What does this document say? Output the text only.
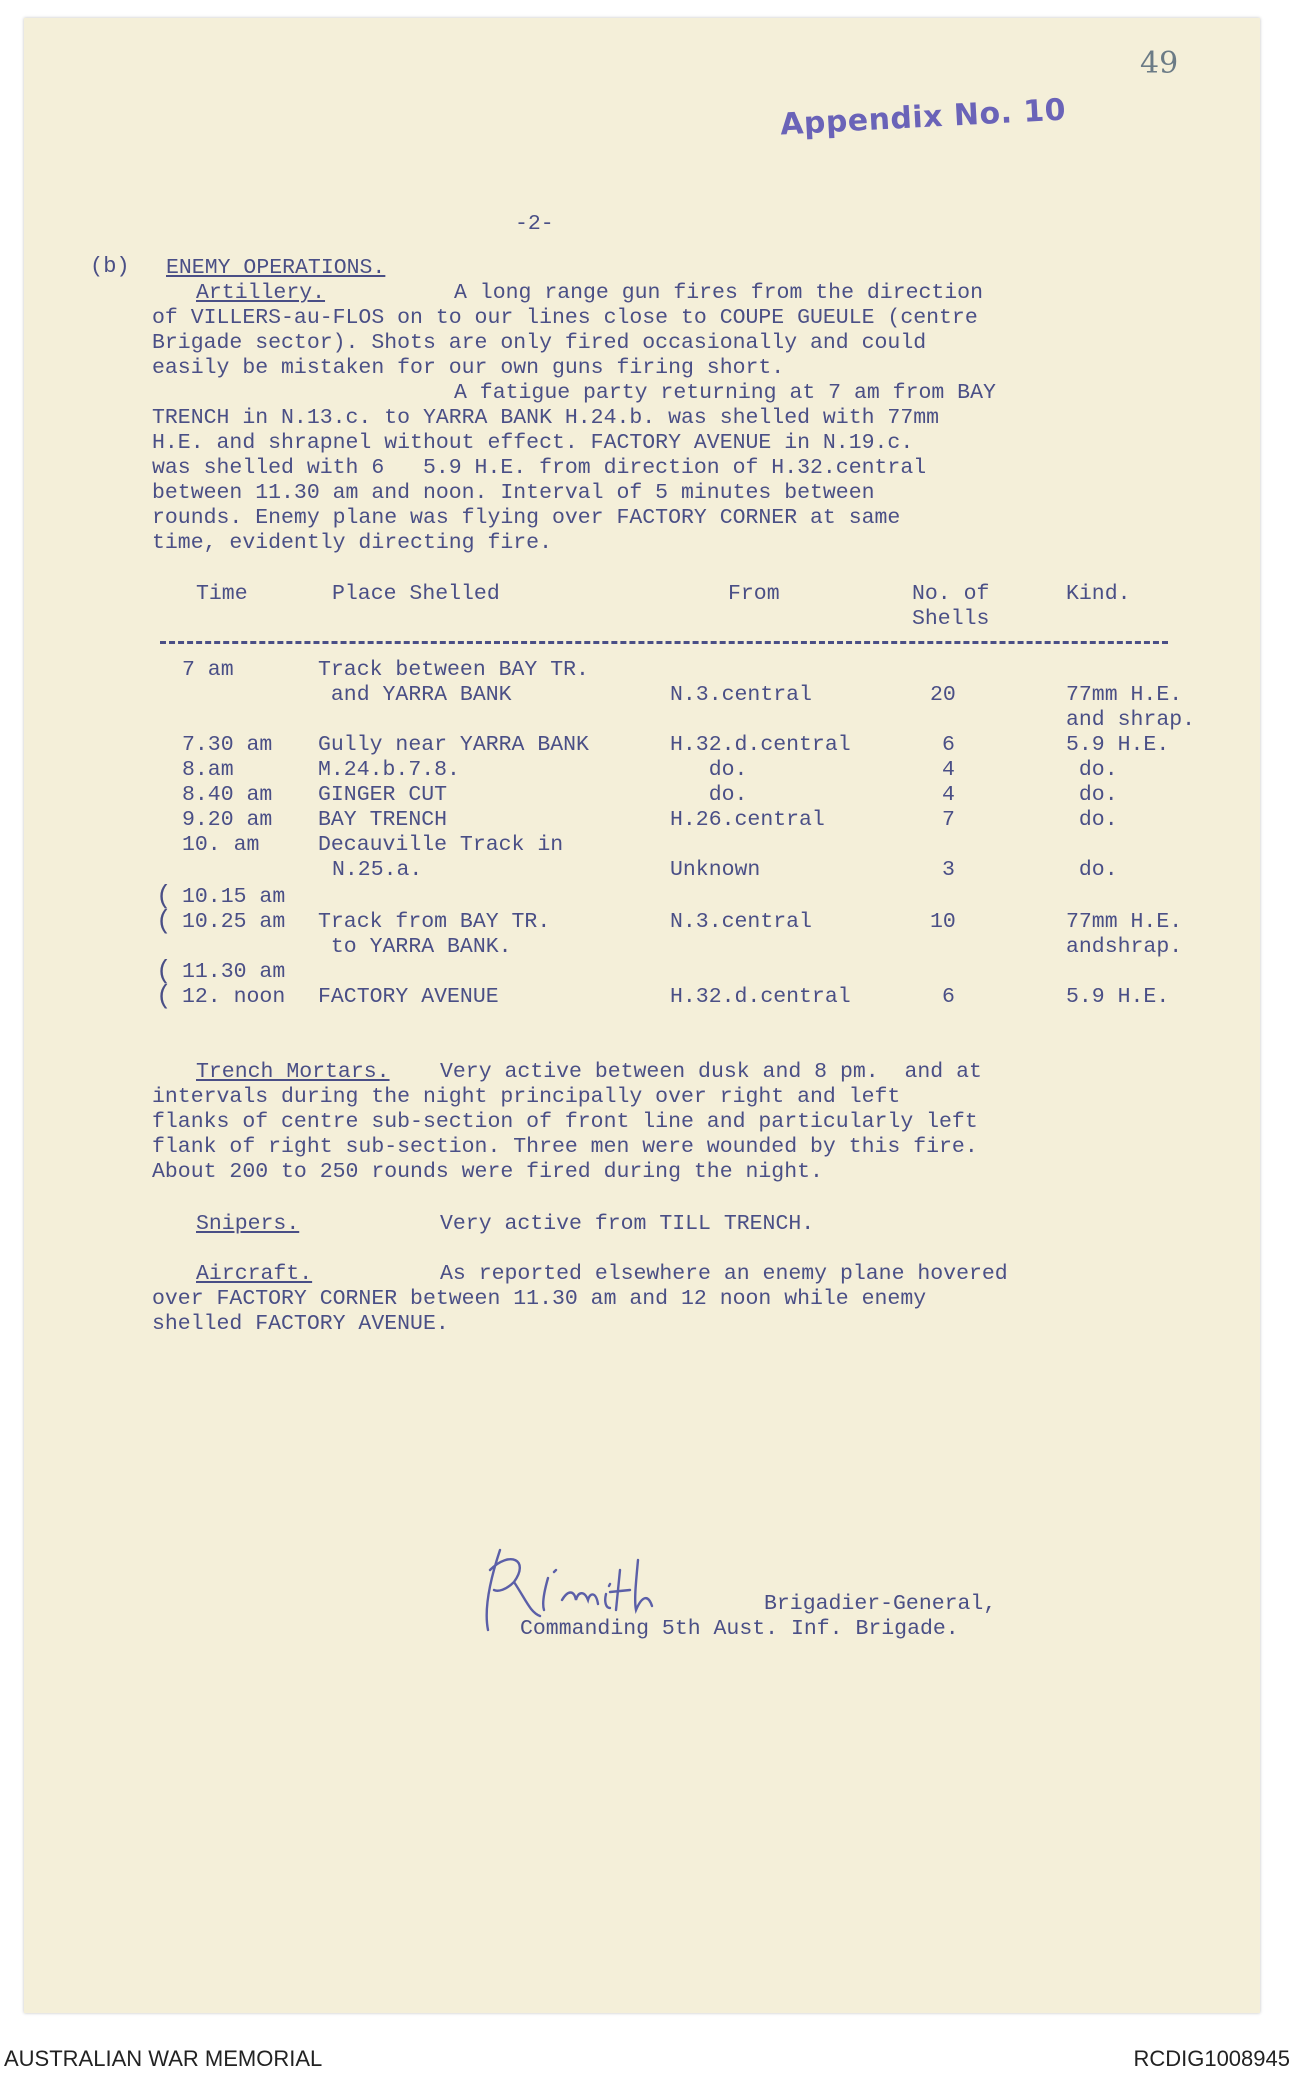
49
Appendix No. 10
-2-
(b) ENEMY OPERATIONS.
Artillery.	A long range gun fires from the direction
of VILLERS-au-FLOS on to our lines close to COUPE GUEULE (centre
Brigade sector). Shots are only fired occasionally and could
easily be mistaken for our own guns firing short.
A fatigue party returning at 7 am from BAY
TRENCH in N.13.c. to YARRA BANK H.24.b. was shelled with 77mm
H.E. and shrapnel without effect. FACTORY AVENUE in N.19.c.
was shelled with 6   5.9 H.E. from direction of H.32.central
between 11.30 am and noon. Interval of 5 minutes between
rounds. Enemy plane was flying over FACTORY CORNER at same
time, evidently directing fire.
Time	Place Shelled	From	No. of
Shells
Kind.
7 am	Track between BAY TR.
and YARRA BANK	N.3.central	20	77mm H.E.
and shrap.
7.30 am Gully near YARRA BANK	H.32.d.central	6	5.9 H.E.
8.am	M.24.b.7.8.	do.	4	do.
8.40 am GINGER CUT	do.	4	do.
9.20 am BAY TRENCH	H.26.central	7	do.
10. am	Decauville Track in
N.25.a.	Unknown	3	do.
10.15 am
10.25 am Track from BAY TR.	N.3.central	10	77mm H.E.
to YARRA BANK.	andshrap.
11.30 am
12. noon FACTORY AVENUE	H.32.d.central	6	5.9 H.E.
(
(
(
(
Trench Mortars. Very active between dusk and 8 pm.  and at
intervals during the night principally over right and left
flanks of centre sub-section of front line and particularly left
flank of right sub-section. Three men were wounded by this fire.
About 200 to 250 rounds were fired during the night.
Snipers.	Very active from TILL TRENCH.
Aircraft.	As reported elsewhere an enemy plane hovered
over FACTORY CORNER between 11.30 am and 12 noon while enemy
shelled FACTORY AVENUE.
Brigadier-General,
Commanding 5th Aust. Inf. Brigade.
AUSTRALIAN WAR MEMORIAL	RCDIG1008945
